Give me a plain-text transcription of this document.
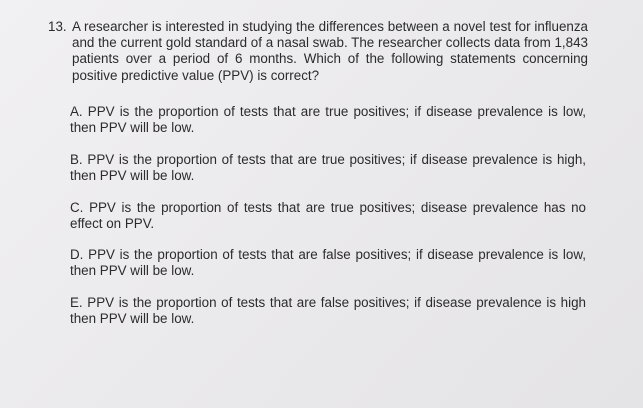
13. A researcher is interested in studying the differences between a novel test for influenza and the current gold standard of a nasal swab. The researcher collects data from 1,843 patients over a period of 6 months. Which of the following statements concerning positive predictive value (PPV) is correct?
A. PPV is the proportion of tests that are true positives; if disease prevalence is low, then PPV will be low.
B. PPV is the proportion of tests that are true positives; if disease prevalence is high, then PPV will be low.
C. PPV is the proportion of tests that are true positives; disease prevalence has no effect on PPV.
D. PPV is the proportion of tests that are false positives; if disease prevalence is low, then PPV will be low.
E. PPV is the proportion of tests that are false positives; if disease prevalence is high then PPV will be low.
